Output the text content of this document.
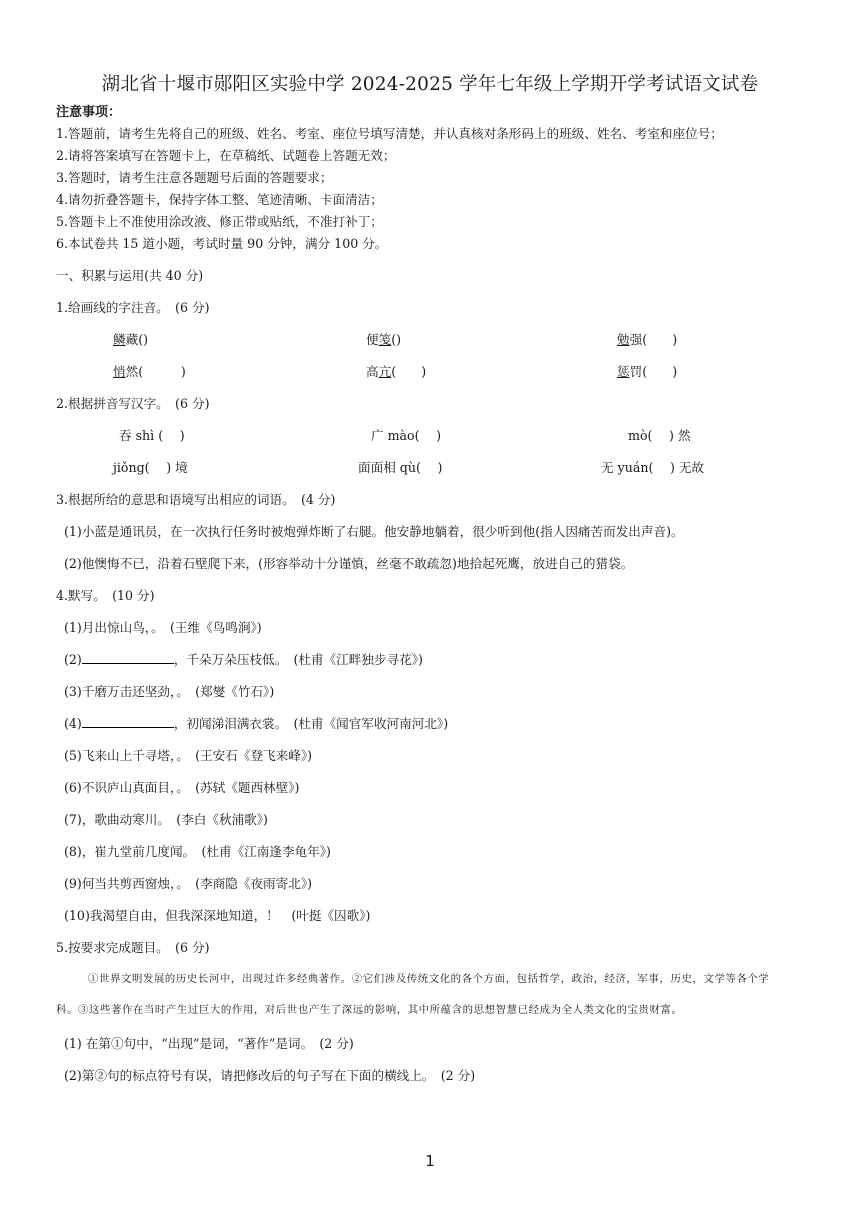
湖北省十堰市郧阳区实验中学 2024-2025 学年七年级上学期开学考试语文试卷
注意事项：
1.答题前，请考生先将自己的班级、姓名、考室、座位号填写清楚，并认真核对条形码上的班级、姓名、考室和座位号；
2.请将答案填写在答题卡上，在草稿纸、试题卷上答题无效；
3.答题时，请考生注意各题题号后面的答题要求；
4.请勿折叠答题卡，保持字体工整、笔迹清晰、卡面清洁；
5.答题卡上不准使用涂改液、修正带或贴纸，不准打补丁；
6.本试卷共 15 道小题，考试时量 90 分钟，满分 100 分。
一、积累与运用(共 40 分)
1.给画线的字注音。　(6 分)
鳞藏()	便笺()	勉强(　　)
悄然(　　　)	高亢(　　)	惩罚(　　)
2.根据拼音写汉字。　(6 分)
吞 shì (　 )	广 mào(　 )	mò(　 ) 然
jiǒng(　 ) 境	面面相 qù(　 )	无 yuán(　 ) 无故
3.根据所给的意思和语境写出相应的词语。　(4 分)
(1)小蓝是通讯员，在一次执行任务时被炮弹炸断了右腿。他安静地躺着，很少听到他(指人因痛苦而发出声音)。
(2)他懊悔不已，沿着石壁爬下来，(形容举动十分谨慎，丝毫不敢疏忽)地拾起死鹰，放进自己的猎袋。
4.默写。　(10 分)
(1)月出惊山鸟，。　(王维《鸟鸣涧》)
(2)	，千朵万朵压枝低。　(杜甫《江畔独步寻花》)
(3)千磨万击还坚劲，。　(郑燮《竹石》)
(4)	，初闻涕泪满衣裳。　(杜甫《闻官军收河南河北》)
(5)飞来山上千寻塔，。　(王安石《登飞来峰》)
(6)不识庐山真面目，。　(苏轼《题西林壁》)
(7)，歌曲动寒川。　(李白《秋浦歌》)
(8)，崔九堂前几度闻。　(杜甫《江南逢李龟年》)
(9)何当共剪西窗烛，。　(李商隐《夜雨寄北》)
(10)我渴望自由，但我深深地知道，！　(叶挺《囚歌》)
5.按要求完成题目。　(6 分)
①世界文明发展的历史长河中，出现过许多经典著作。②它们涉及传统文化的各个方面，包括哲学，政治，经济，军事，历史，文学等各个学
科。③这些著作在当时产生过巨大的作用，对后世也产生了深远的影响，其中所蕴含的思想智慧已经成为全人类文化的宝贵财富。
(1) 在第①句中，“出现”是词，“著作”是词。　(2 分)
(2)第②句的标点符号有误，请把修改后的句子写在下面的横线上。　(2 分)
1
